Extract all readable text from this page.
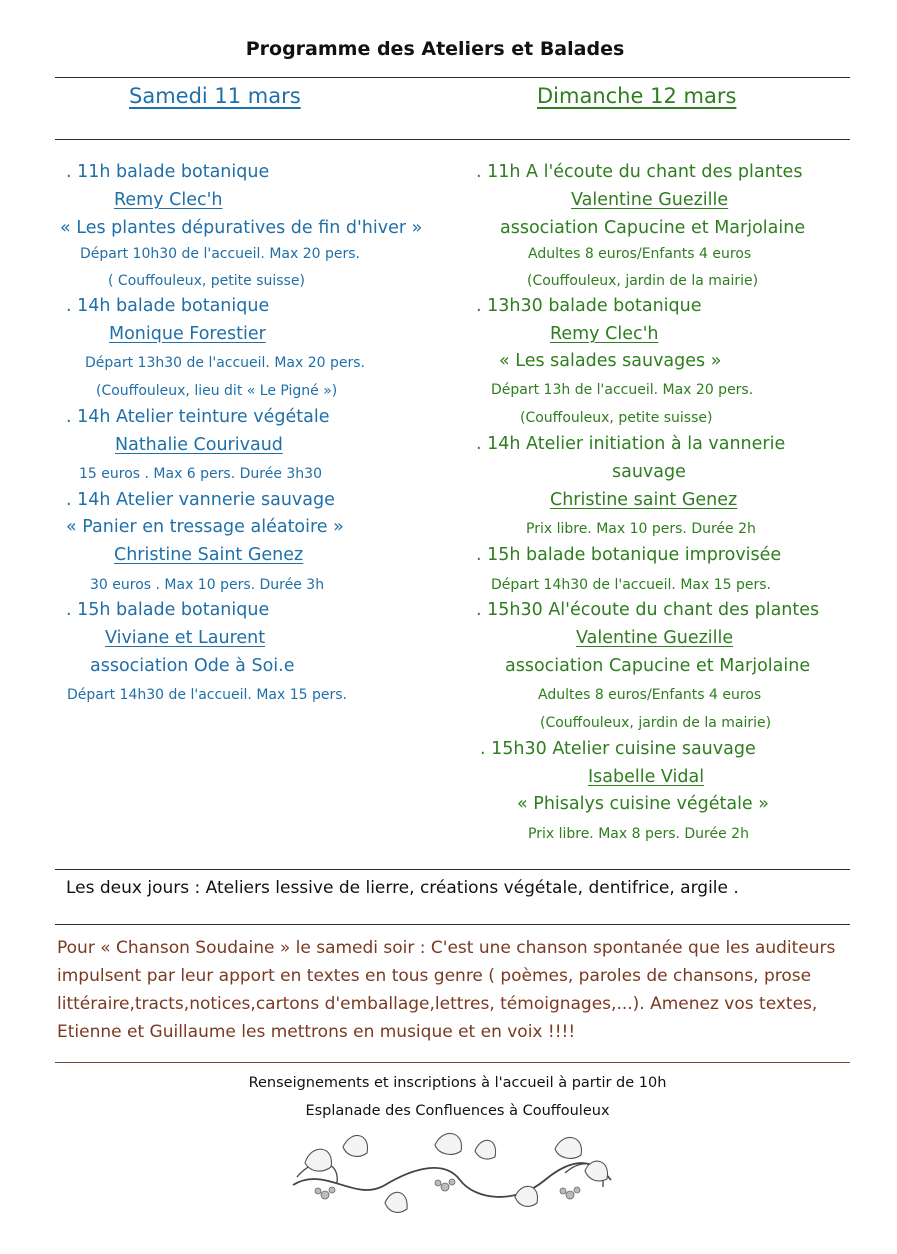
Programme des Ateliers et Balades
Samedi 11 mars	Dimanche 12 mars
. 11h balade botanique
Remy Clec'h
« Les plantes dépuratives de fin d'hiver »
Départ 10h30 de l'accueil. Max 20 pers.
( Couffouleux, petite suisse)
. 14h balade botanique
Monique Forestier
Départ 13h30 de l'accueil. Max 20 pers.
(Couffouleux, lieu dit « Le Pigné »)
. 14h Atelier teinture végétale
Nathalie Courivaud
15 euros . Max 6 pers. Durée 3h30
. 14h Atelier vannerie sauvage
« Panier en tressage aléatoire »
Christine Saint Genez
30 euros . Max 10 pers. Durée 3h
. 15h balade botanique
Viviane et Laurent
association Ode à Soi.e
Départ 14h30 de l'accueil. Max 15 pers.
. 11h A l'écoute du chant des plantes
Valentine Guezille
association Capucine et Marjolaine
Adultes 8 euros/Enfants 4 euros
(Couffouleux, jardin de la mairie)
. 13h30 balade botanique
Remy Clec'h
« Les salades sauvages »
Départ 13h de l'accueil. Max 20 pers.
(Couffouleux, petite suisse)
. 14h Atelier initiation à la vannerie
sauvage
Christine saint Genez
Prix libre. Max 10 pers. Durée 2h
. 15h balade botanique improvisée
Départ 14h30 de l'accueil. Max 15 pers.
. 15h30 Al'écoute du chant des plantes
Valentine Guezille
association Capucine et Marjolaine
Adultes 8 euros/Enfants 4 euros
(Couffouleux, jardin de la mairie)
. 15h30 Atelier cuisine sauvage
Isabelle Vidal
« Phisalys cuisine végétale »
Prix libre. Max 8 pers. Durée 2h
Les deux jours : Ateliers lessive de lierre, créations végétale, dentifrice, argile .

Pour « Chanson Soudaine » le samedi soir : C'est une chanson spontanée que les auditeurs impulsent par leur apport en textes en tous genre ( poèmes, paroles de chansons, prose littéraire,tracts,notices,cartons d'emballage,lettres, témoignages,...). Amenez vos textes, Etienne et Guillaume les mettrons en musique et en voix !!!!

Renseignements et inscriptions à l'accueil à partir de 10h
Esplanade des Confluences à Couffouleux
